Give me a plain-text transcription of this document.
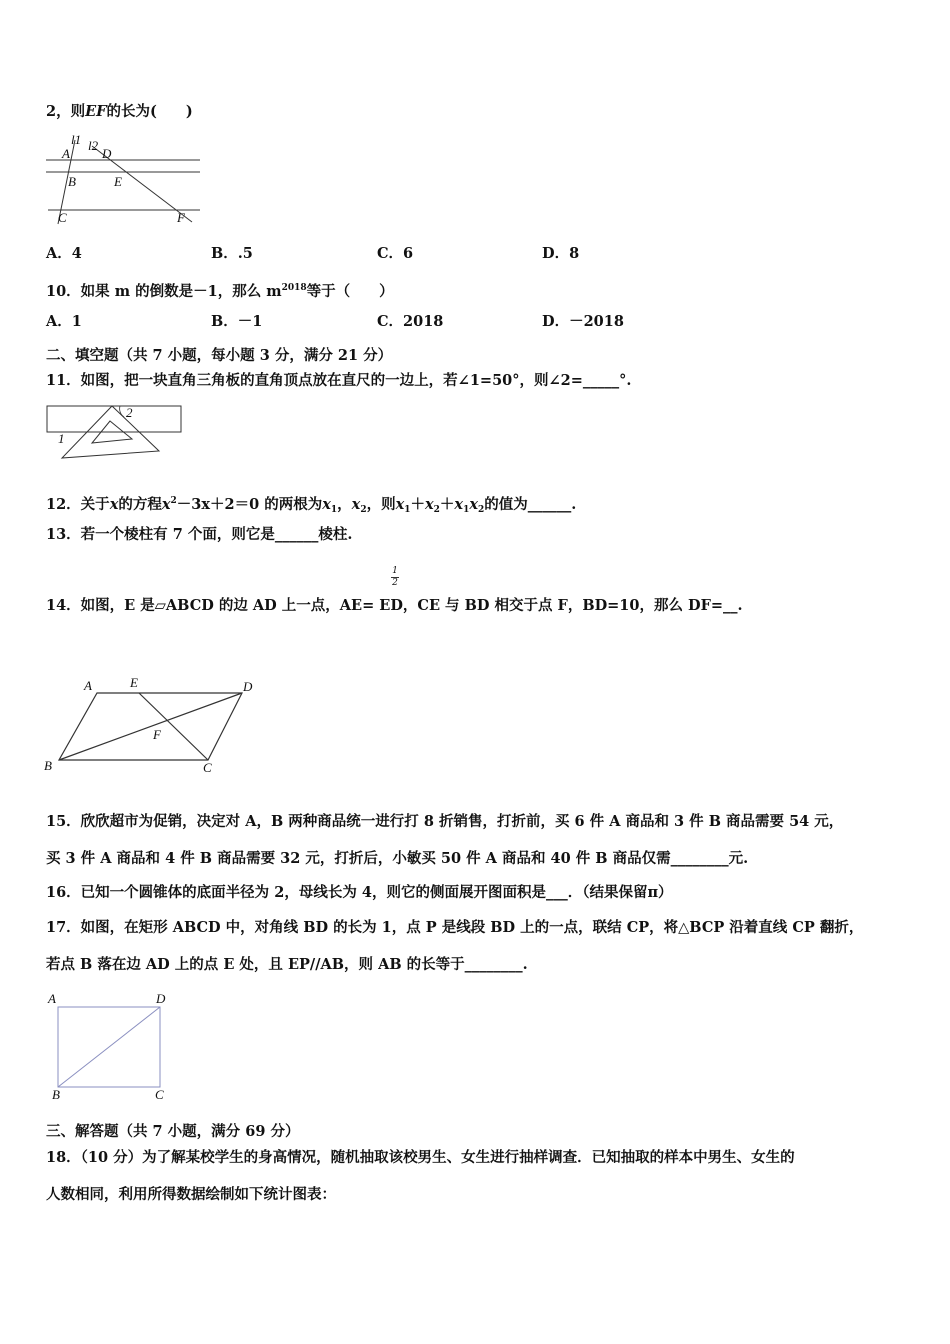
2，则EF的长为(　　)
A
l1 l2
D
B	E
C	F
A．4	B．.5	C．6	D．8
10．如果 m 的倒数是－1，那么 $m^{2018}$等于（　　）
A．1	B．－1	C．2018	D．－2018
二、填空题（共 7 小题，每小题 3 分，满分 21 分）
11．如图，把一块直角三角板的直角顶点放在直尺的一边上，若∠1=50°，则∠2=_____°.
2
1
12．关于x的方程$x^2-3x+2=0$ 的两根为$x_1$，$x_2$，则$x_1+x_2+x_1x_2$的值为______.
13．若一个棱柱有 7 个面，则它是______棱柱.
1
2
14．如图，E 是▱ABCD 的边 AD 上一点，AE= ED，CE 与 BD 相交于点 F，BD=10，那么 DF=__.
A	E	D
F
B	C
15．欣欣超市为促销，决定对 A，B 两种商品统一进行打 8 折销售，打折前，买 6 件 A 商品和 3 件 B 商品需要 54 元，
买 3 件 A 商品和 4 件 B 商品需要 32 元，打折后，小敏买 50 件 A 商品和 40 件 B 商品仅需________元.
16．已知一个圆锥体的底面半径为 2，母线长为 4，则它的侧面展开图面积是___．（结果保留π）
17．如图，在矩形 ABCD 中，对角线 BD 的长为 1，点 P 是线段 BD 上的一点，联结 CP，将△BCP 沿着直线 CP 翻折，
若点 B 落在边 AD 上的点 E 处，且 EP//AB，则 AB 的长等于________.
A	D
B	C
三、解答题（共 7 小题，满分 69 分）
18．（10 分）为了解某校学生的身高情况，随机抽取该校男生、女生进行抽样调查．已知抽取的样本中男生、女生的
人数相同，利用所得数据绘制如下统计图表：
